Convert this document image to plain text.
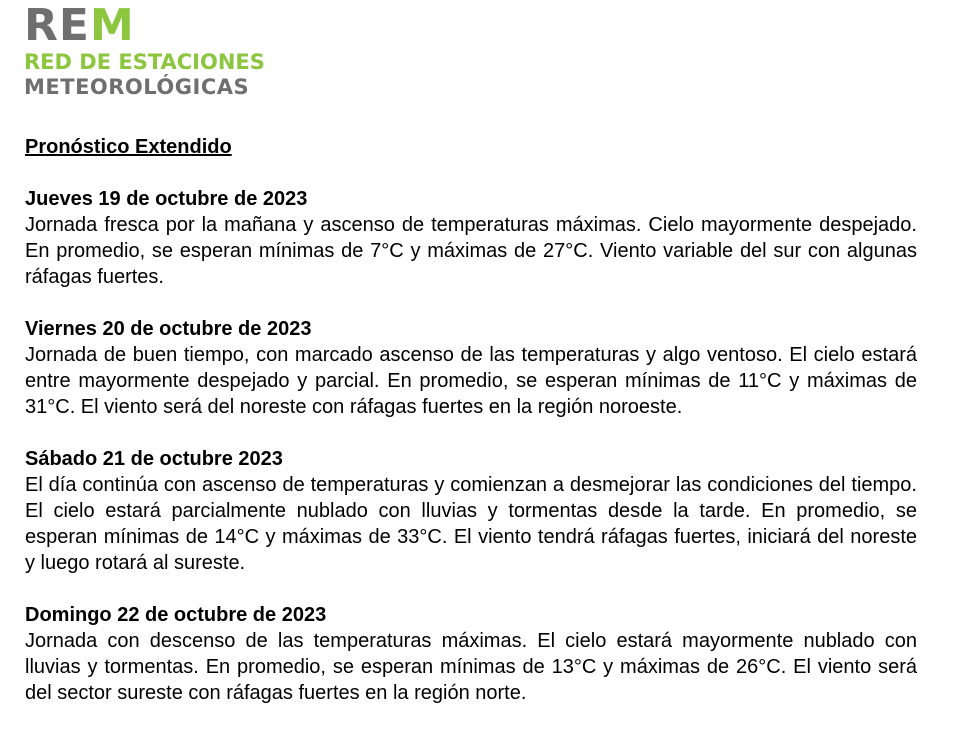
REM
RED DE ESTACIONES
METEOROLÓGICAS

Pronóstico Extendido

Jueves 19 de octubre de 2023

Jornada fresca por la mañana y ascenso de temperaturas máximas. Cielo mayormente despejado. En promedio, se esperan mínimas de 7°C y máximas de 27°C. Viento variable del sur con algunas ráfagas fuertes.

Viernes 20 de octubre de 2023

Jornada de buen tiempo, con marcado ascenso de las temperaturas y algo ventoso. El cielo estará entre mayormente despejado y parcial. En promedio, se esperan mínimas de 11°C y máximas de 31°C. El viento será del noreste con ráfagas fuertes en la región noroeste.

Sábado 21 de octubre 2023

El día continúa con ascenso de temperaturas y comienzan a desmejorar las condiciones del tiempo. El cielo estará parcialmente nublado con lluvias y tormentas desde la tarde. En promedio, se esperan mínimas de 14°C y máximas de 33°C. El viento tendrá ráfagas fuertes, iniciará del noreste y luego rotará al sureste.

Domingo 22 de octubre de 2023

Jornada con descenso de las temperaturas máximas. El cielo estará mayormente nublado con lluvias y tormentas. En promedio, se esperan mínimas de 13°C y máximas de 26°C. El viento será del sector sureste con ráfagas fuertes en la región norte.
